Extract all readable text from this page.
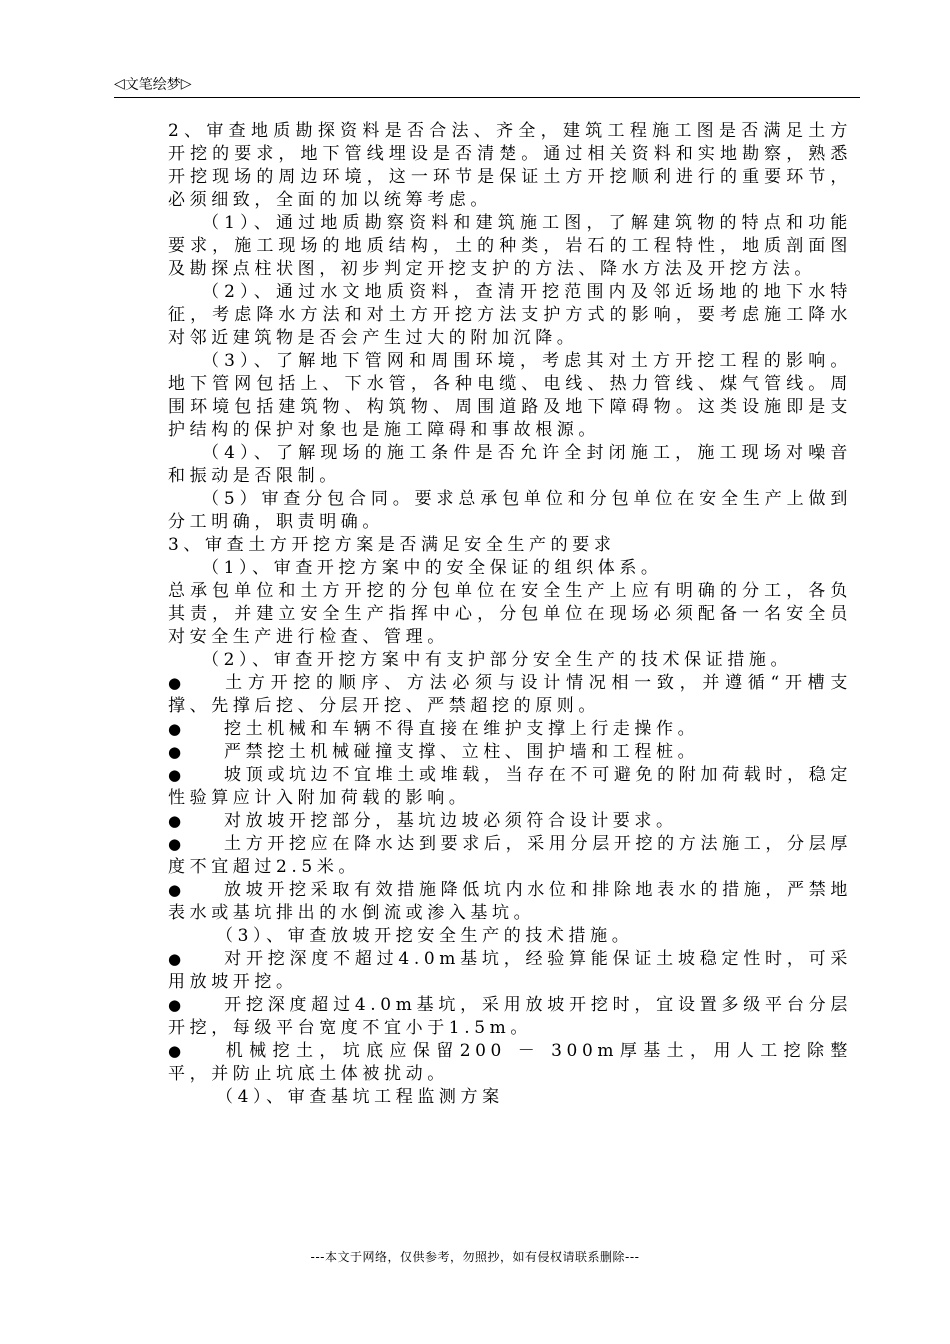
◁ 文笔绘梦 ▷

2、审查地质勘探资料是否合法、齐全，建筑工程施工图是否满足土方开挖的要求，地下管线埋设是否清楚。通过相关资料和实地勘察，熟悉开挖现场的周边环境，这一环节是保证土方开挖顺利进行的重要环节，必须细致，全面的加以统筹考虑。

（1）、通过地质勘察资料和建筑施工图，了解建筑物的特点和功能要求，施工现场的地质结构，土的种类，岩石的工程特性，地质剖面图及勘探点柱状图，初步判定开挖支护的方法、降水方法及开挖方法。

（2）、通过水文地质资料，查清开挖范围内及邻近场地的地下水特征，考虑降水方法和对土方开挖方法支护方式的影响，要考虑施工降水对邻近建筑物是否会产生过大的附加沉降。

（3）、了解地下管网和周围环境，考虑其对土方开挖工程的影响。地下管网包括上、下水管，各种电缆、电线、热力管线、煤气管线。周围环境包括建筑物、构筑物、周围道路及地下障碍物。这类设施即是支护结构的保护对象也是施工障碍和事故根源。

（4）、了解现场的施工条件是否允许全封闭施工，施工现场对噪音和振动是否限制。

（5）审查分包合同。要求总承包单位和分包单位在安全生产上做到分工明确，职责明确。

3、审查土方开挖方案是否满足安全生产的要求

（1）、审查开挖方案中的安全保证的组织体系。

总承包单位和土方开挖的分包单位在安全生产上应有明确的分工，各负其责，并建立安全生产指挥中心，分包单位在现场必须配备一名安全员对安全生产进行检查、管理。

（2）、审查开挖方案中有支护部分安全生产的技术保证措施。

● 土方开挖的顺序、方法必须与设计情况相一致，并遵循“开槽支撑、先撑后挖、分层开挖、严禁超挖的原则。

● 挖土机械和车辆不得直接在维护支撑上行走操作。

● 严禁挖土机械碰撞支撑、立柱、围护墙和工程桩。

● 坡顶或坑边不宜堆土或堆载，当存在不可避免的附加荷载时，稳定性验算应计入附加荷载的影响。

● 对放坡开挖部分，基坑边坡必须符合设计要求。

● 土方开挖应在降水达到要求后，采用分层开挖的方法施工，分层厚度不宜超过2.5米。

● 放坡开挖采取有效措施降低坑内水位和排除地表水的措施，严禁地表水或基坑排出的水倒流或渗入基坑。

（3）、审查放坡开挖安全生产的技术措施。

● 对开挖深度不超过4.0m基坑，经验算能保证土坡稳定性时，可采用放坡开挖。

● 开挖深度超过4.0m基坑，采用放坡开挖时，宜设置多级平台分层开挖，每级平台宽度不宜小于1.5m。

● 机械挖土，坑底应保留200 － 300m厚基土，用人工挖除整平，并防止坑底土体被扰动。

（4）、审查基坑工程监测方案

---本文于网络，仅供参考，勿照抄，如有侵权请联系删除---
